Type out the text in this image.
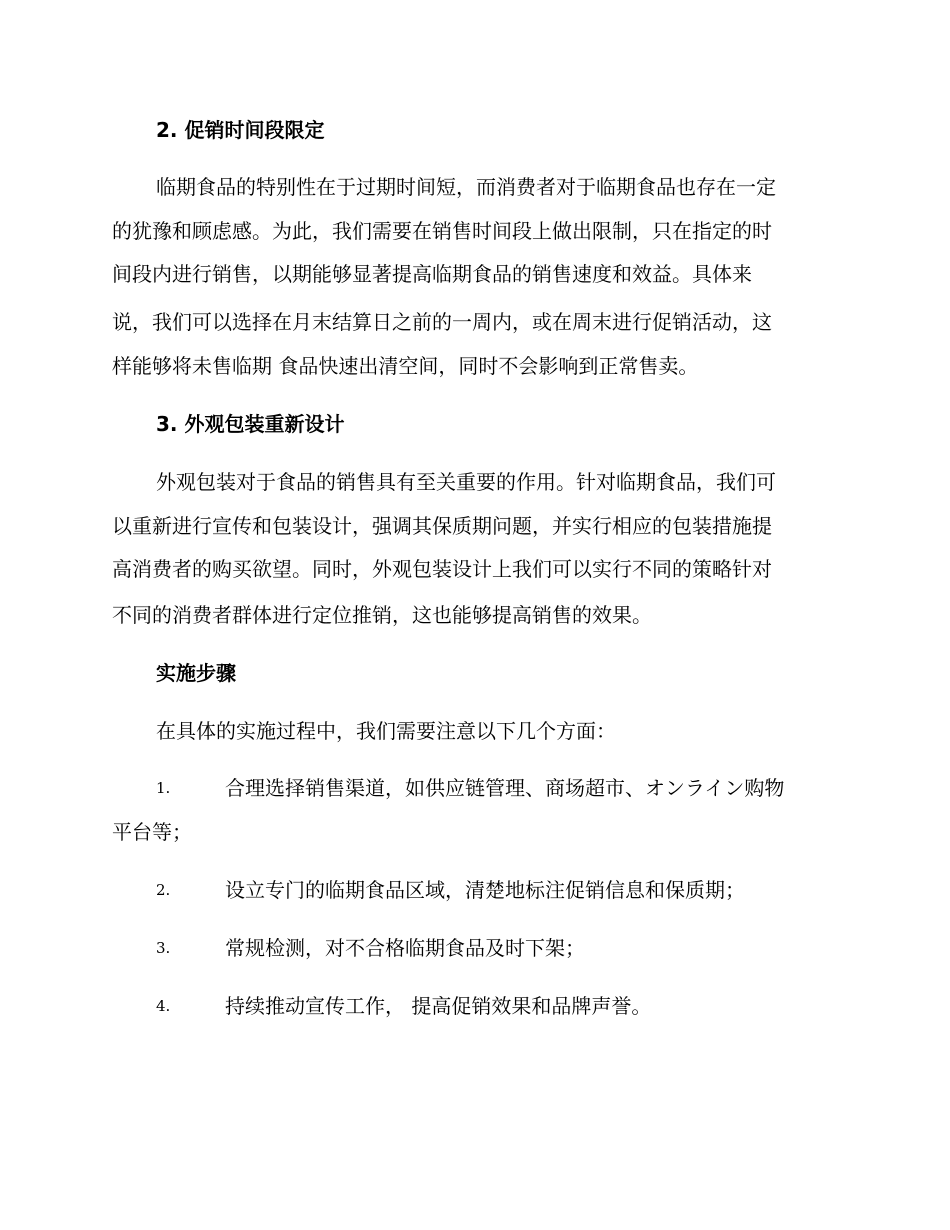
2. 促销时间段限定
临期食品的特别性在于过期时间短，而消费者对于临期食品也存在一定
的犹豫和顾虑感。为此，我们需要在销售时间段上做出限制，只在指定的时
间段内进行销售，以期能够显著提高临期食品的销售速度和效益。具体来
说，我们可以选择在月末结算日之前的一周内，或在周末进行促销活动，这
样能够将未售临期 食品快速出清空间，同时不会影响到正常售卖。
3. 外观包装重新设计
外观包装对于食品的销售具有至关重要的作用。针对临期食品，我们可
以重新进行宣传和包装设计，强调其保质期问题，并实行相应的包装措施提
高消费者的购买欲望。同时，外观包装设计上我们可以实行不同的策略针对
不同的消费者群体进行定位推销，这也能够提高销售的效果。
实施步骤
在具体的实施过程中，我们需要注意以下几个方面：
1.	合理选择销售渠道，如供应链管理、商场超市、オンライン购物
平台等；
2.	设立专门的临期食品区域，清楚地标注促销信息和保质期；
3.	常规检测，对不合格临期食品及时下架；
4.	持续推动宣传工作， 提高促销效果和品牌声誉。
